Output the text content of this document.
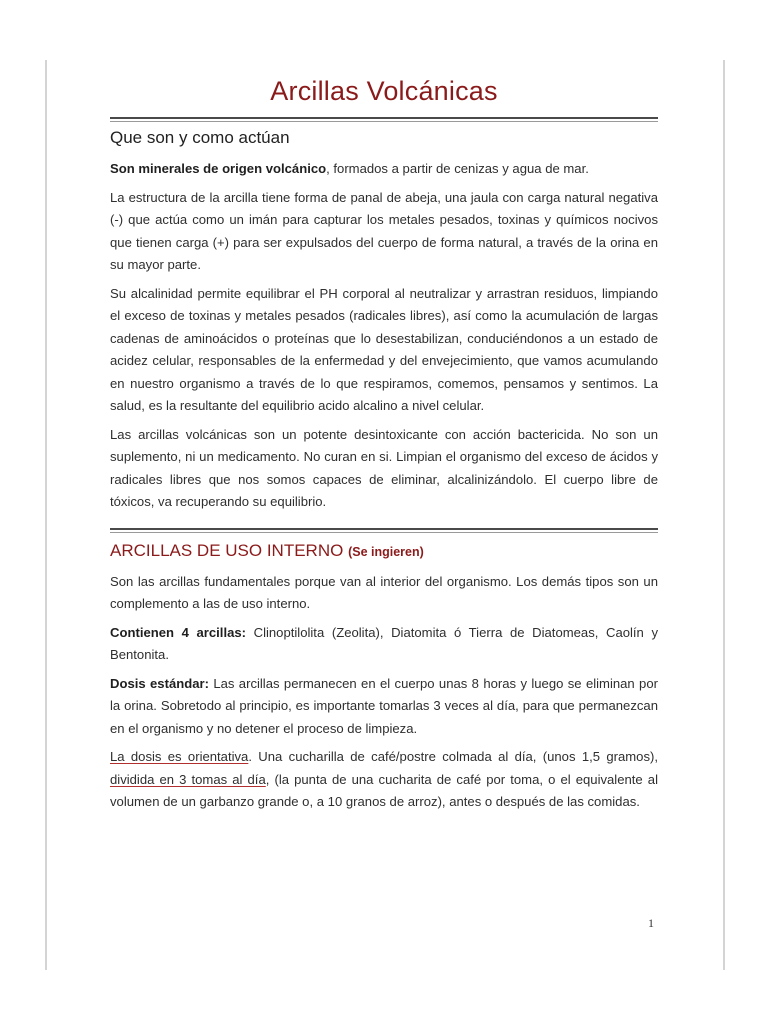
Arcillas Volcánicas
Que son y como actúan

Son minerales de origen volcánico, formados a partir de cenizas y agua de mar.

La estructura de la arcilla tiene forma de panal de abeja, una jaula con carga natural negativa (-) que actúa como un imán para capturar los metales pesados, toxinas y químicos nocivos que tienen carga (+) para ser expulsados del cuerpo de forma natural, a través de la orina en su mayor parte.

Su alcalinidad permite equilibrar el PH corporal al neutralizar y arrastran residuos, limpiando el exceso de toxinas y metales pesados (radicales libres), así como la acumulación de largas cadenas de aminoácidos o proteínas que lo desestabilizan, conduciéndonos a un estado de acidez celular, responsables de la enfermedad y del envejecimiento, que vamos acumulando en nuestro organismo a través de lo que respiramos, comemos, pensamos y sentimos. La salud, es la resultante del equilibrio acido alcalino a nivel celular.

Las arcillas volcánicas son un potente desintoxicante con acción bactericida. No son un suplemento, ni un medicamento. No curan en si. Limpian el organismo del exceso de ácidos y radicales libres que nos somos capaces de eliminar, alcalinizándolo. El cuerpo libre de tóxicos, va recuperando su equilibrio.

ARCILLAS DE USO INTERNO (Se ingieren)

Son las arcillas fundamentales porque van al interior del organismo. Los demás tipos son un complemento a las de uso interno.

Contienen 4 arcillas: Clinoptilolita (Zeolita), Diatomita ó Tierra de Diatomeas, Caolín y Bentonita.

Dosis estándar: Las arcillas permanecen en el cuerpo unas 8 horas y luego se eliminan por la orina. Sobretodo al principio, es importante tomarlas 3 veces al día, para que permanezcan en el organismo y no detener el proceso de limpieza.

La dosis es orientativa. Una cucharilla de café/postre colmada al día, (unos 1,5 gramos), dividida en 3 tomas al día, (la punta de una cucharita de café por toma, o el equivalente al volumen de un garbanzo grande o, a 10 granos de arroz), antes o después de las comidas.

1
